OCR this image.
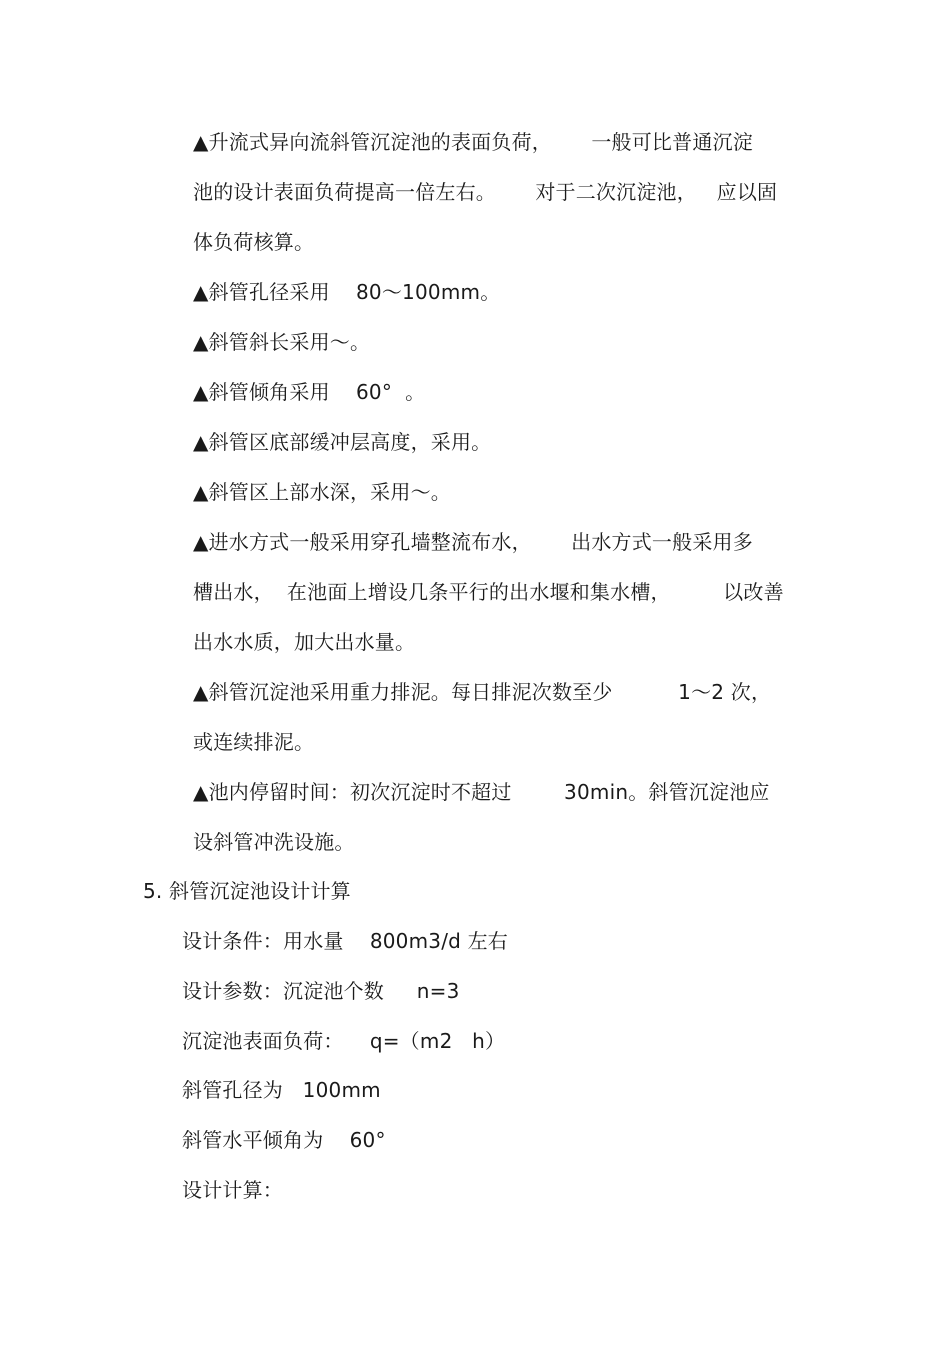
▲升流式异向流斜管沉淀池的表面负荷，      一般可比普通沉淀
池的设计表面负荷提高一倍左右。      对于二次沉淀池，   应以固
体负荷核算。
▲斜管孔径采用    80～100mm。
▲斜管斜长采用～。
▲斜管倾角采用    60°  。
▲斜管区底部缓冲层高度，采用。
▲斜管区上部水深，采用～。
▲进水方式一般采用穿孔墙整流布水，      出水方式一般采用多
槽出水，  在池面上增设几条平行的出水堰和集水槽，        以改善
出水水质，加大出水量。
▲斜管沉淀池采用重力排泥。每日排泥次数至少          1～2 次，
或连续排泥。
▲池内停留时间：初次沉淀时不超过        30min。斜管沉淀池应
设斜管冲洗设施。
5. 斜管沉淀池设计计算
设计条件：用水量    800m3/d 左右
设计参数：沉淀池个数     n=3
沉淀池表面负荷：    q=（m2   h）
斜管孔径为   100mm
斜管水平倾角为    60°
设计计算：
